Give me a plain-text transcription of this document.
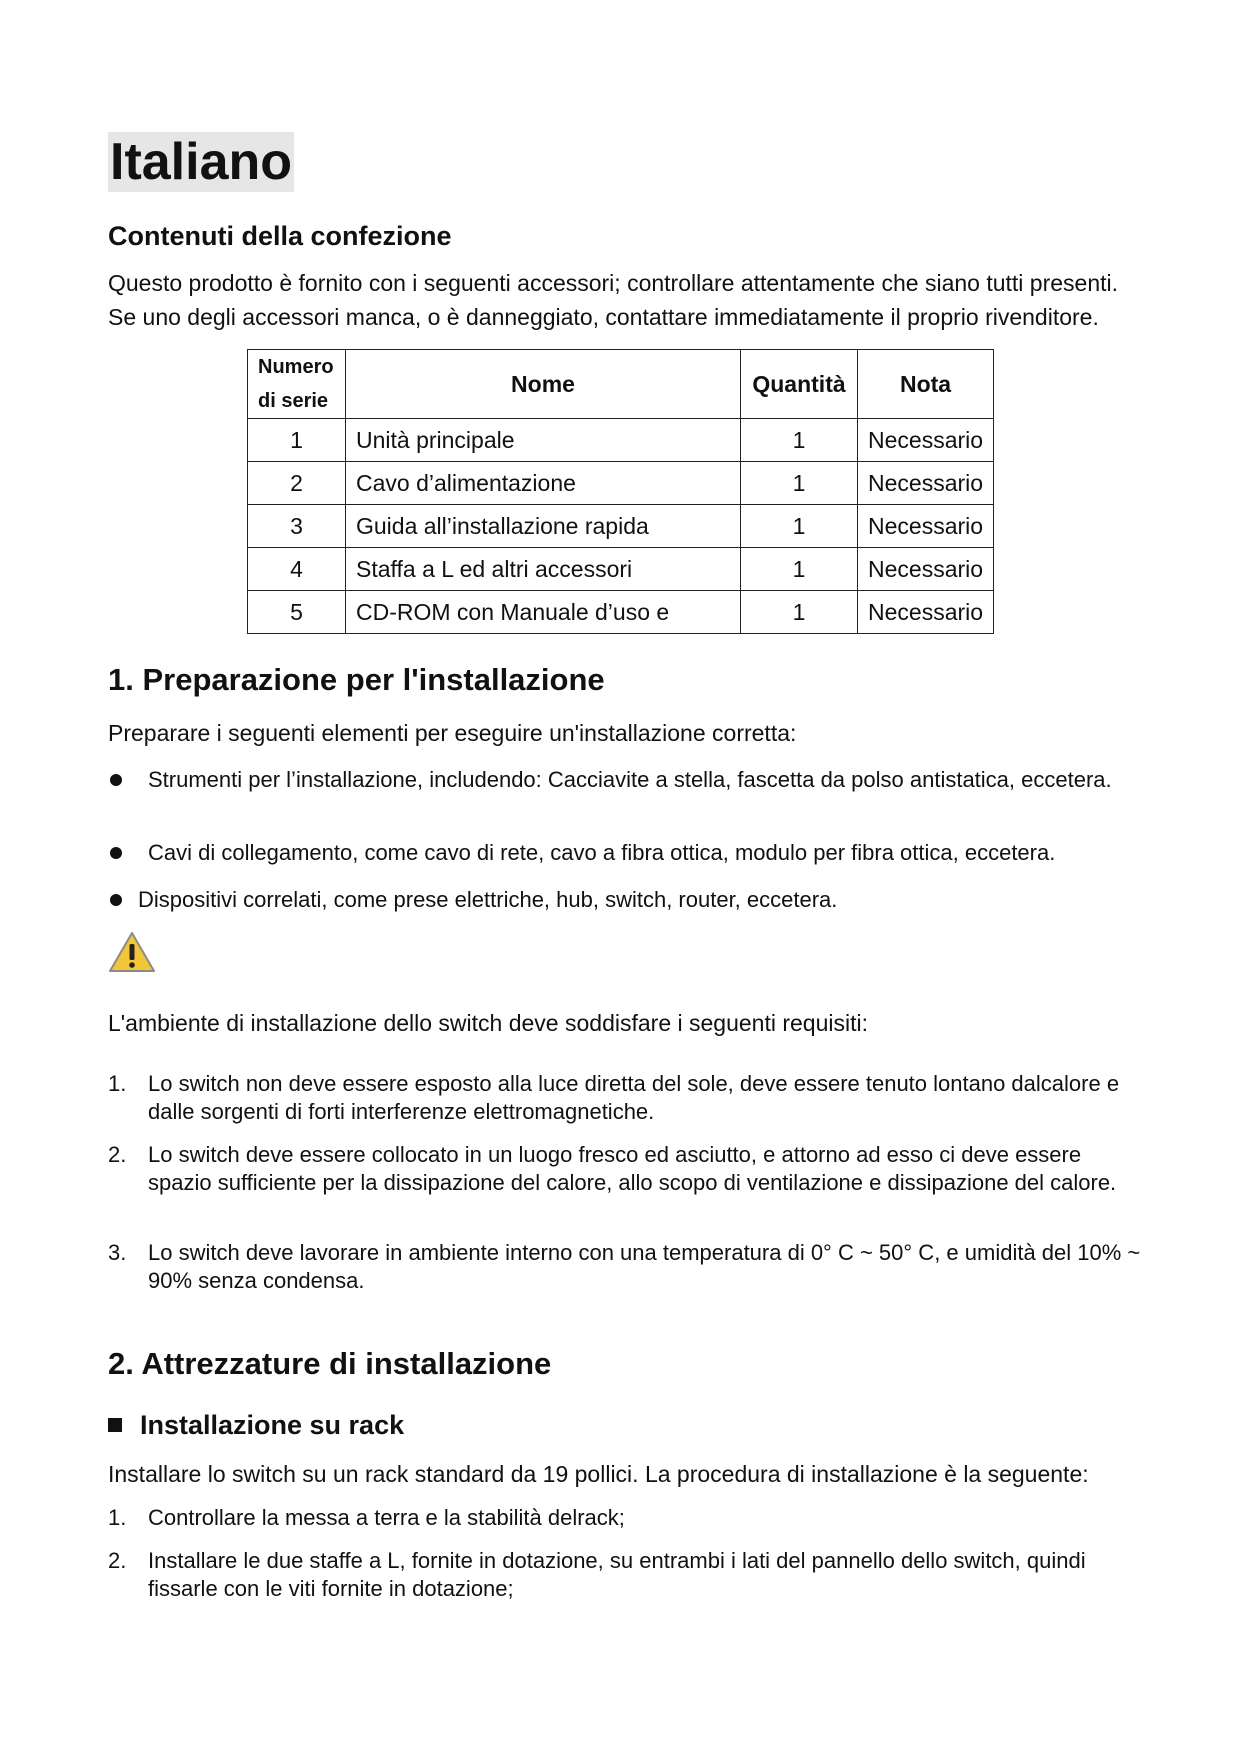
Italiano
Contenuti della confezione

Questo prodotto è fornito con i seguenti accessori; controllare attentamente che siano tutti presenti.

Se uno degli accessori manca, o è danneggiato, contattare immediatamente il proprio rivenditore.

Numero
di serie	Nome	Quantità	Nota
1	Unità principale	1	Necessario
2	Cavo d’alimentazione	1	Necessario
3	Guida all’installazione rapida	1	Necessario
4	Staffa a L ed altri accessori	1	Necessario
5	CD-ROM con Manuale d’uso e	1	Necessario
1. Preparazione per l'installazione

Preparare i seguenti elementi per eseguire un'installazione corretta:

Strumenti per l’installazione, includendo: Cacciavite a stella, fascetta da polso antistatica, eccetera.
Cavi di collegamento, come cavo di rete, cavo a fibra ottica, modulo per fibra ottica, eccetera.
Dispositivi correlati, come prese elettriche, hub, switch, router, eccetera.

L'ambiente di installazione dello switch deve soddisfare i seguenti requisiti:

1. Lo switch non deve essere esposto alla luce diretta del sole, deve essere tenuto lontano dalcalore e dalle sorgenti di forti interferenze elettromagnetiche.
2. Lo switch deve essere collocato in un luogo fresco ed asciutto, e attorno ad esso ci deve essere spazio sufficiente per la dissipazione del calore, allo scopo di ventilazione e dissipazione del calore.
3. Lo switch deve lavorare in ambiente interno con una temperatura di 0° C ~ 50° C, e umidità del 10% ~ 90% senza condensa.
2. Attrezzature di installazione
Installazione su rack

Installare lo switch su un rack standard da 19 pollici. La procedura di installazione è la seguente:

1. Controllare la messa a terra e la stabilità delrack;
2. Installare le due staffe a L, fornite in dotazione, su entrambi i lati del pannello dello switch, quindi fissarle con le viti fornite in dotazione;
